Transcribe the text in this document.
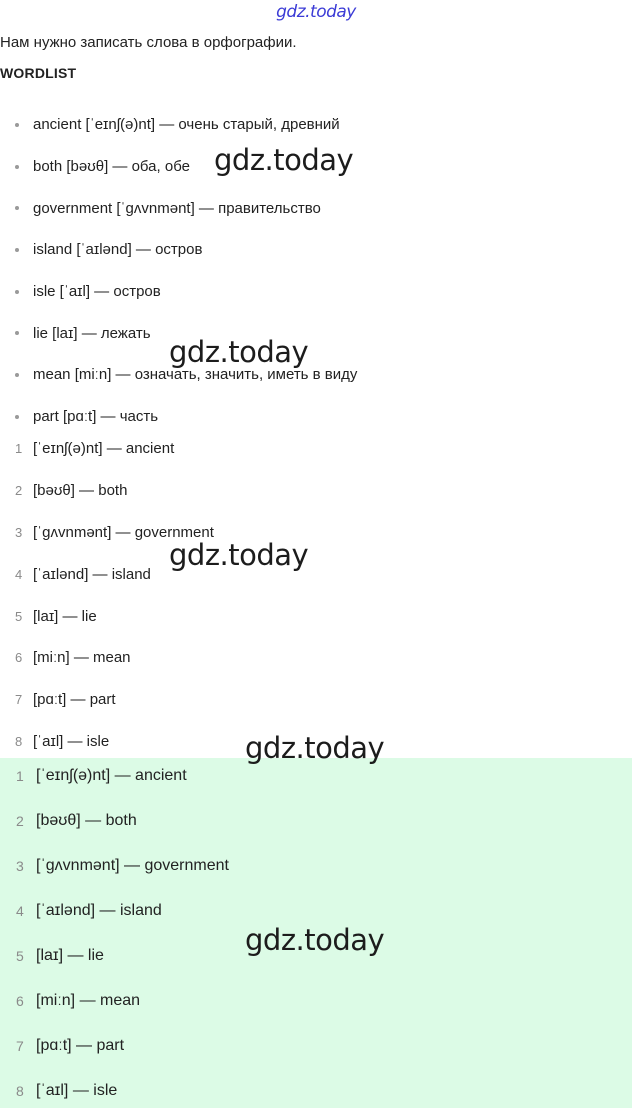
gdz.today
Нам нужно записать слова в орфографии.
WORDLIST
ancient [ˈeɪnʃ(ə)nt] — очень старый, древний
both [bəʊθ] — оба, обе
government [ˈɡʌvnmənt] — правительство
island [ˈaɪlənd] — остров
isle [ˈaɪl] — остров
lie [laɪ] — лежать
mean [miːn] — означать, значить, иметь в виду
part [pɑːt] — часть
1 [ˈeɪnʃ(ə)nt] — ancient
2 [bəʊθ] — both
3 [ˈɡʌvnmənt] — government
4 [ˈaɪlənd] — island
5 [laɪ] — lie
6 [miːn] — mean
7 [pɑːt] — part
8 [ˈaɪl] — isle
1 [ˈeɪnʃ(ə)nt] — ancient
2 [bəʊθ] — both
3 [ˈɡʌvnmənt] — government
4 [ˈaɪlənd] — island
5 [laɪ] — lie
6 [miːn] — mean
7 [pɑːt] — part
8 [ˈaɪl] — isle
gdz.today
gdz.today
gdz.today
gdz.today
gdz.today
